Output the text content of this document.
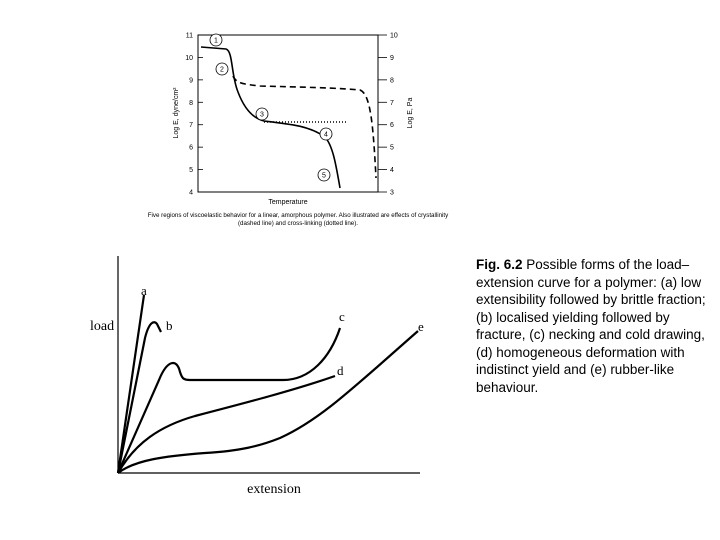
4
5
6
7
8
9
10
11
3
4
5
6
7
8
9
10
1
2
3
4
5
Log E, dyne/cm²	Log E, Pa
Temperature
Five regions of viscoelastic behavior for a linear, amorphous polymer. Also illustrated are effects of crystallinity (dashed line) and cross-linking (dotted line).
a
b
c
d
e
load
extension
Fig. 6.2 Possible forms of the load–extension curve for a polymer: (a) low extensibility followed by brittle fraction; (b) localised yielding followed by fracture, (c) necking and cold drawing, (d) homogeneous deformation with indistinct yield and (e) rubber-like behaviour.
